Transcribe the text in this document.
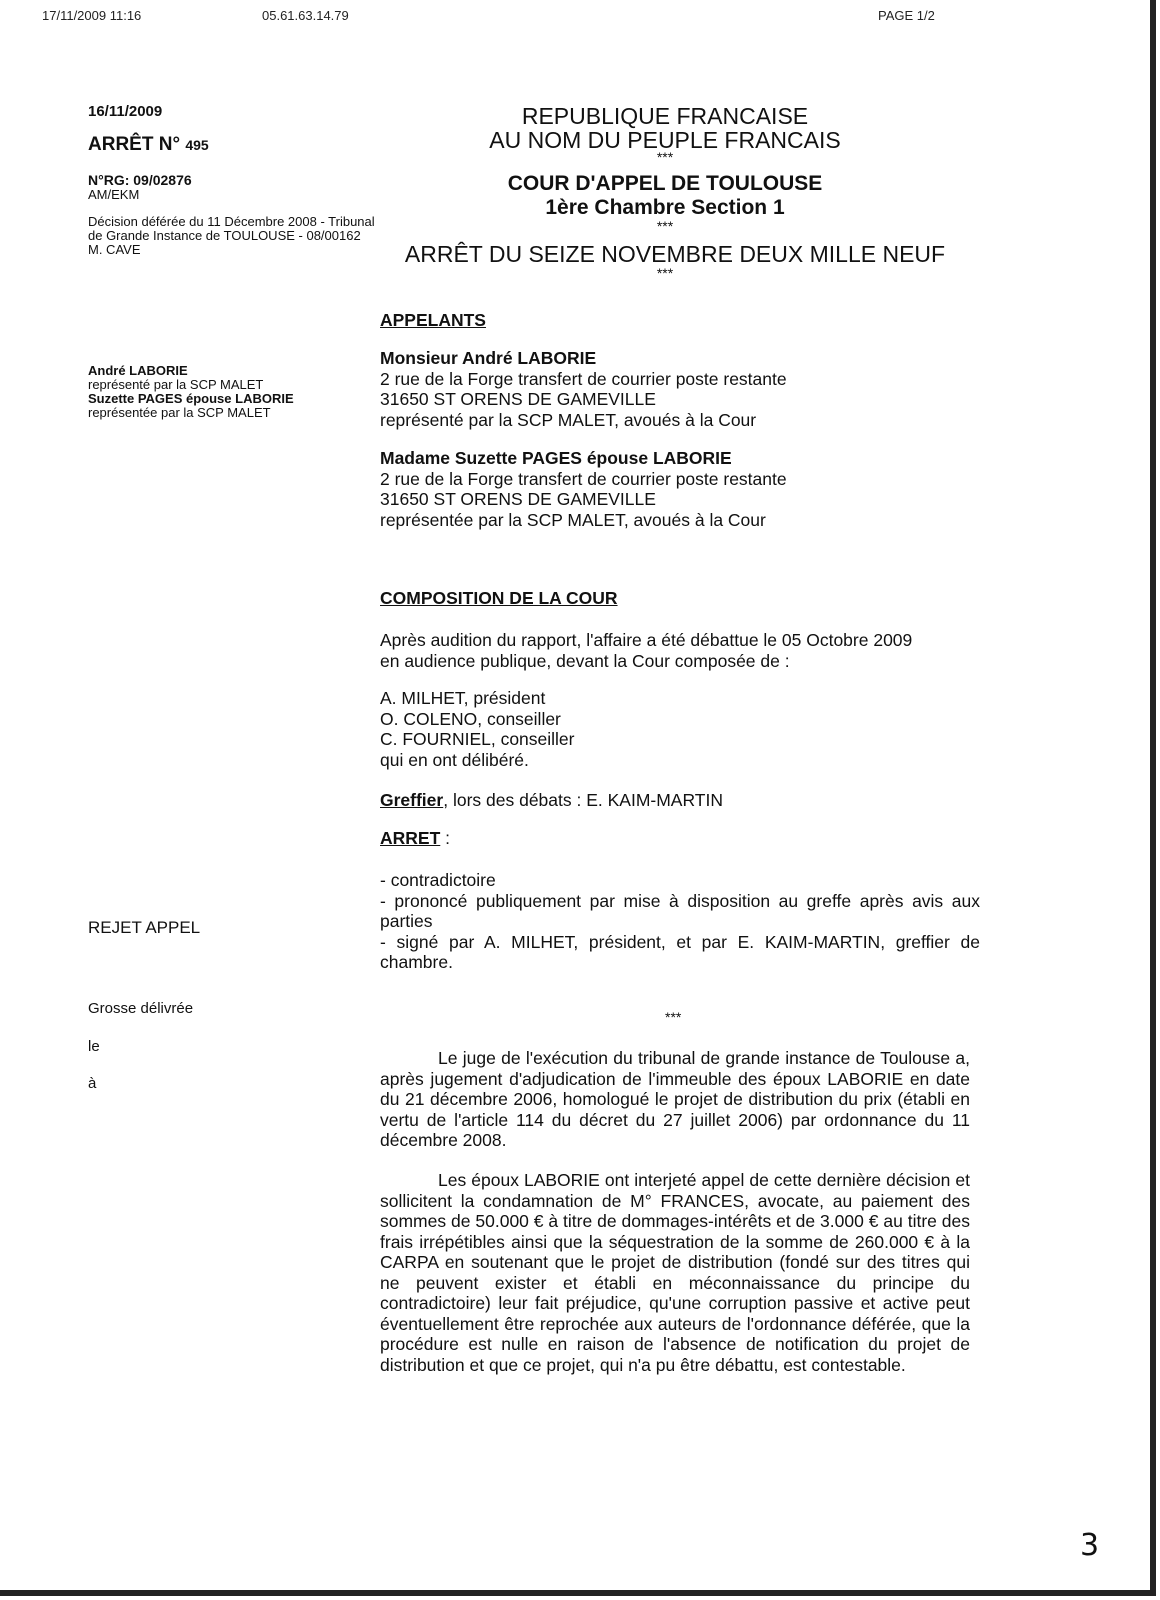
17/11/2009 11:16	05.61.63.14.79	PAGE 1/2
16/11/2009
ARRÊT N° 495
N°RG: 09/02876
AM/EKM
Décision déférée du 11 Décembre 2008 - Tribunal
de Grande Instance de TOULOUSE - 08/00162
M. CAVE
REPUBLIQUE FRANCAISE
AU NOM DU PEUPLE FRANCAIS
***
COUR D'APPEL DE TOULOUSE
1ère Chambre Section 1
***
ARRÊT DU SEIZE NOVEMBRE DEUX MILLE NEUF
***
André LABORIE
représenté par la SCP MALET
Suzette PAGES épouse LABORIE
représentée par la SCP MALET
APPELANTS
Monsieur André LABORIE
2 rue de la Forge transfert de courrier poste restante
31650 ST ORENS DE GAMEVILLE
représenté par la SCP MALET, avoués à la Cour
Madame Suzette PAGES épouse LABORIE
2 rue de la Forge transfert de courrier poste restante
31650 ST ORENS DE GAMEVILLE
représentée par la SCP MALET, avoués à la Cour
COMPOSITION DE LA COUR
Après audition du rapport, l'affaire a été débattue le 05 Octobre 2009
en audience publique, devant la Cour composée de :
A. MILHET, président
O. COLENO, conseiller
C. FOURNIEL, conseiller
qui en ont délibéré.
Greffier, lors des débats : E. KAIM-MARTIN
ARRET :
- contradictoire
- prononcé publiquement par mise à disposition au greffe après avis aux parties
- signé par A. MILHET, président, et par E. KAIM-MARTIN, greffier de chambre.
REJET APPEL
Grosse délivrée
le
à
***

Le juge de l'exécution du tribunal de grande instance de Toulouse a, après jugement d'adjudication de l'immeuble des époux LABORIE en date du 21 décembre 2006, homologué le projet de distribution du prix (établi en vertu de l'article 114 du décret du 27 juillet 2006) par ordonnance du 11 décembre 2008.

Les époux LABORIE ont interjeté appel de cette dernière décision et sollicitent la condamnation de M° FRANCES, avocate, au paiement des sommes de 50.000 € à titre de dommages-intérêts et de 3.000 € au titre des frais irrépétibles ainsi que la séquestration de la somme de 260.000 € à la CARPA en soutenant que le projet de distribution (fondé sur des titres qui ne peuvent exister et établi en méconnaissance du principe du contradictoire) leur fait préjudice, qu'une corruption passive et active peut éventuellement être reprochée aux auteurs de l'ordonnance déférée, que la procédure est nulle en raison de l'absence de notification du projet de distribution et que ce projet, qui n'a pu être débattu, est contestable.

3
